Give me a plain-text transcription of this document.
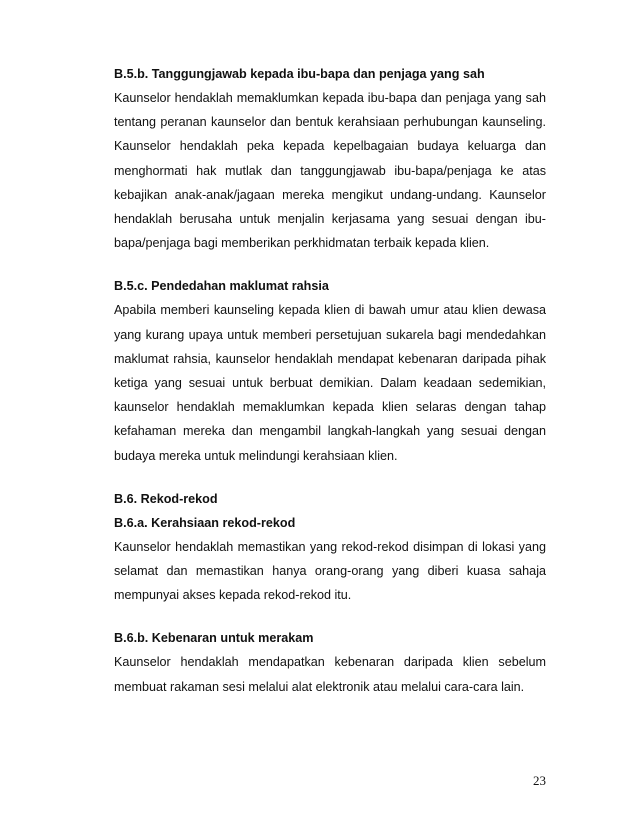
B.5.b. Tanggungjawab kepada ibu-bapa dan penjaga yang sah

Kaunselor hendaklah memaklumkan kepada ibu-bapa dan penjaga yang sah tentang peranan kaunselor dan bentuk kerahsiaan perhubungan kaunseling. Kaunselor hendaklah peka kepada kepelbagaian budaya keluarga dan menghormati hak mutlak dan tanggungjawab ibu-bapa/penjaga ke atas kebajikan anak-anak/jagaan mereka mengikut undang-undang. Kaunselor hendaklah berusaha untuk menjalin kerjasama yang sesuai dengan ibu-bapa/penjaga bagi memberikan perkhidmatan terbaik kepada klien.

B.5.c. Pendedahan maklumat rahsia

Apabila memberi kaunseling kepada klien di bawah umur atau klien dewasa yang kurang upaya untuk memberi persetujuan sukarela bagi mendedahkan maklumat rahsia, kaunselor hendaklah mendapat kebenaran daripada pihak ketiga yang sesuai untuk berbuat demikian. Dalam keadaan sedemikian, kaunselor hendaklah memaklumkan kepada klien selaras dengan tahap kefahaman mereka dan mengambil langkah-langkah yang sesuai dengan budaya mereka untuk melindungi kerahsiaan klien.

B.6. Rekod-rekod

B.6.a. Kerahsiaan rekod-rekod

Kaunselor hendaklah memastikan yang rekod-rekod disimpan di lokasi yang selamat dan memastikan hanya orang-orang yang diberi kuasa sahaja mempunyai akses kepada rekod-rekod itu.

B.6.b. Kebenaran untuk merakam

Kaunselor hendaklah mendapatkan kebenaran daripada klien sebelum membuat rakaman sesi melalui alat elektronik atau melalui cara-cara lain.

23
